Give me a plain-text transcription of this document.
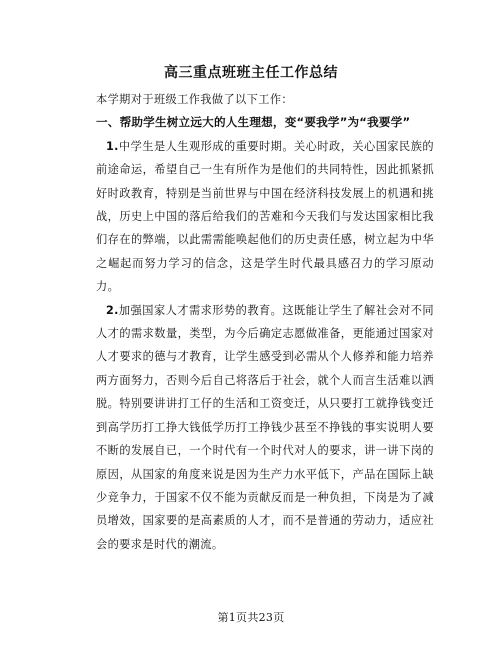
高三重点班班主任工作总结

本学期对于班级工作我做了以下工作：

一、帮助学生树立远大的人生理想，变“要我学”为“我要学”

1.中学生是人生观形成的重要时期。关心时政，关心国家民族的前途命运，希望自己一生有所作为是他们的共同特性，因此抓紧抓好时政教育，特别是当前世界与中国在经济科技发展上的机遇和挑战，历史上中国的落后给我们的苦难和今天我们与发达国家相比我们存在的弊端，以此需需能唤起他们的历史责任感，树立起为中华之崛起而努力学习的信念，这是学生时代最具感召力的学习原动力。

2.加强国家人才需求形势的教育。这既能让学生了解社会对不同人才的需求数量，类型，为今后确定志愿做准备，更能通过国家对人才要求的德与才教育，让学生感受到必需从个人修养和能力培养两方面努力，否则今后自己将落后于社会，就个人而言生活难以洒脱。特别要讲讲打工仔的生活和工资变迁，从只要打工就挣钱变迁到高学历打工挣大钱低学历打工挣钱少甚至不挣钱的事实说明人要不断的发展自已，一个时代有一个时代对人的要求，讲一讲下岗的原因，从国家的角度来说是因为生产力水平低下，产品在国际上缺少竞争力，于国家不仅不能为贡献反而是一种负担，下岗是为了减员增效，国家要的是高素质的人才，而不是普通的劳动力，适应社会的要求是时代的潮流。

第1页共23页
